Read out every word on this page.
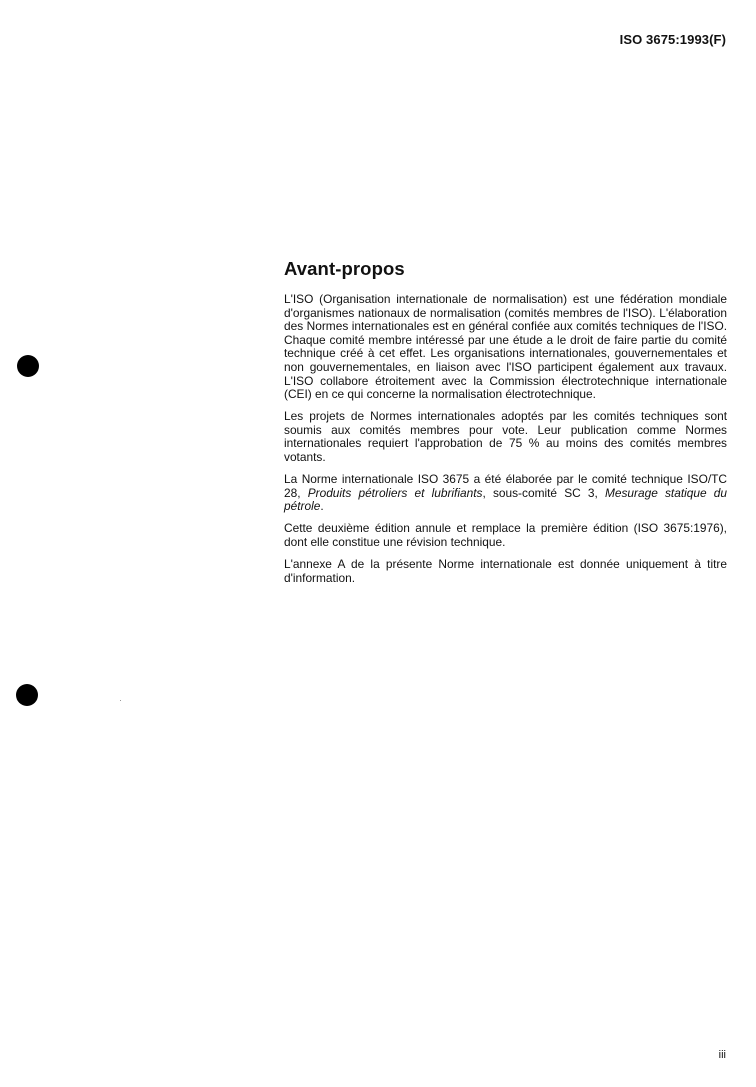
ISO 3675:1993(F)
Avant-propos

L'ISO (Organisation internationale de normalisation) est une fédération mondiale d'organismes nationaux de normalisation (comités membres de l'ISO). L'élaboration des Normes internationales est en général confiée aux comités techniques de l'ISO. Chaque comité membre intéressé par une étude a le droit de faire partie du comité technique créé à cet effet. Les organisations internationales, gouvernementales et non gouvernementales, en liaison avec l'ISO participent également aux travaux. L'ISO collabore étroitement avec la Commission électrotechnique internationale (CEI) en ce qui concerne la normalisation électrotechnique.

Les projets de Normes internationales adoptés par les comités techniques sont soumis aux comités membres pour vote. Leur publication comme Normes internationales requiert l'approbation de 75 % au moins des comités membres votants.

La Norme internationale ISO 3675 a été élaborée par le comité technique ISO/TC 28, Produits pétroliers et lubrifiants, sous-comité SC 3, Mesurage statique du pétrole.

Cette deuxième édition annule et remplace la première édition (ISO 3675:1976), dont elle constitue une révision technique.

L'annexe A de la présente Norme internationale est donnée uniquement à titre d'information.

iii
